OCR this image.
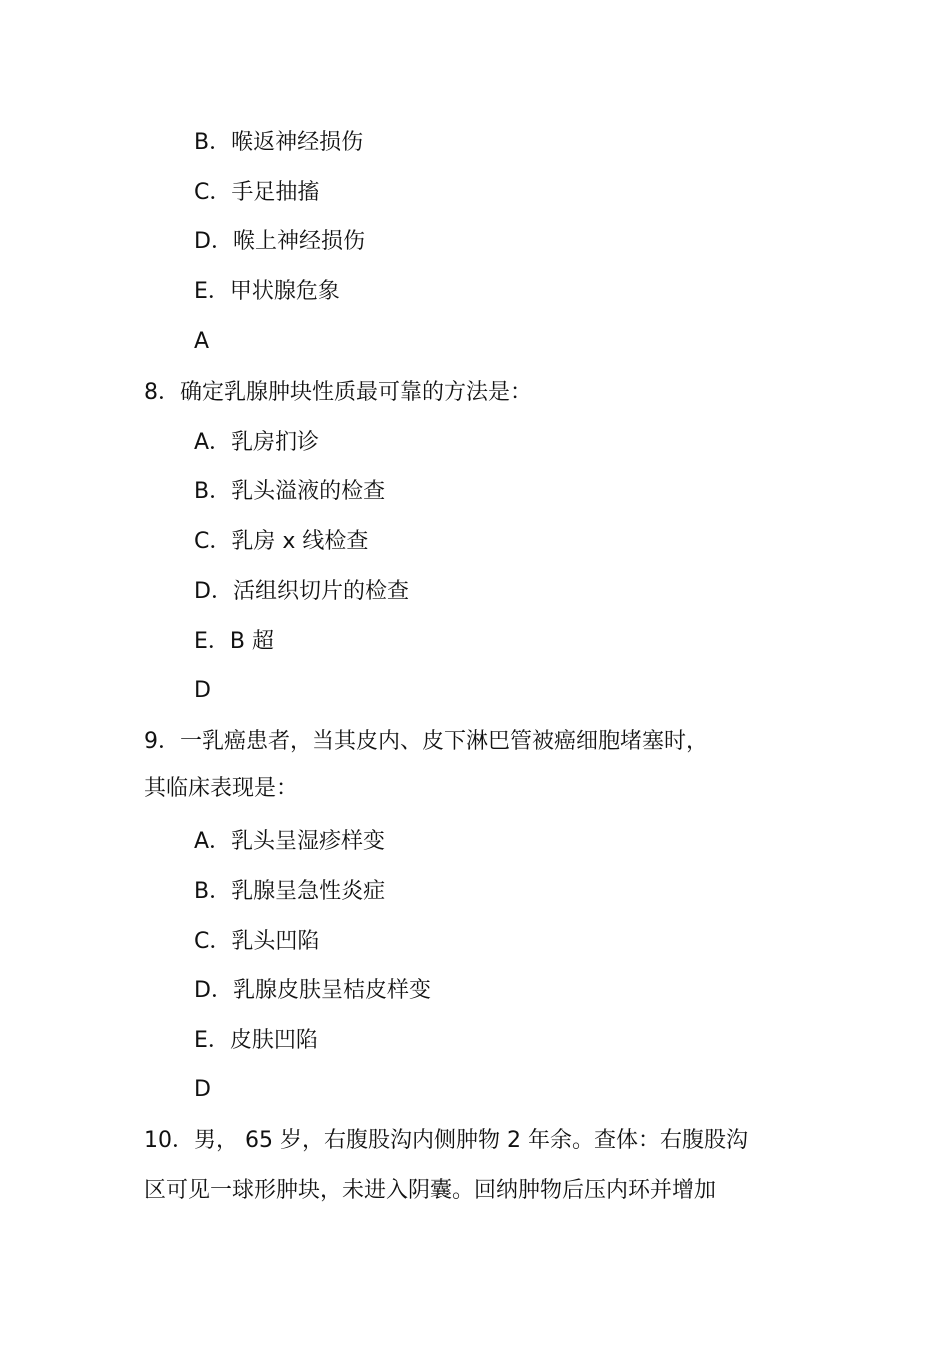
B．喉返神经损伤
C．手足抽搐
D．喉上神经损伤
E．甲状腺危象
A
8．确定乳腺肿块性质最可靠的方法是：
A．乳房扪诊
B．乳头溢液的检查
C．乳房 x 线检查
D．活组织切片的检查
E．B 超
D
9．一乳癌患者，当其皮内、皮下淋巴管被癌细胞堵塞时，
其临床表现是：
A．乳头呈湿疹样变
B．乳腺呈急性炎症
C．乳头凹陷
D．乳腺皮肤呈桔皮样变
E．皮肤凹陷
D
10．男， 65 岁，右腹股沟内侧肿物 2 年余。查体：右腹股沟
区可见一球形肿块，未进入阴囊。回纳肿物后压内环并增加
